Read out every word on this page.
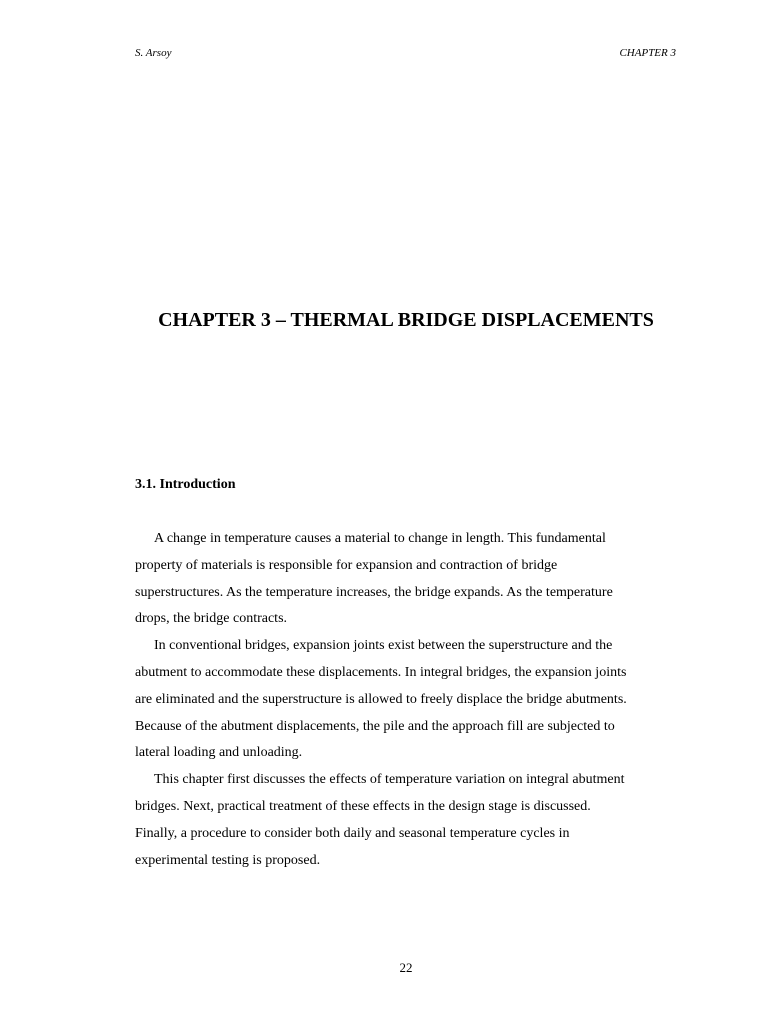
S. Arsoy	CHAPTER 3
CHAPTER 3 – THERMAL BRIDGE DISPLACEMENTS
3.1. Introduction
A change in temperature causes a material to change in length. This fundamental
property of materials is responsible for expansion and contraction of bridge
superstructures. As the temperature increases, the bridge expands. As the temperature
drops, the bridge contracts.
In conventional bridges, expansion joints exist between the superstructure and the
abutment to accommodate these displacements. In integral bridges, the expansion joints
are eliminated and the superstructure is allowed to freely displace the bridge abutments.
Because of the abutment displacements, the pile and the approach fill are subjected to
lateral loading and unloading.
This chapter first discusses the effects of temperature variation on integral abutment
bridges. Next, practical treatment of these effects in the design stage is discussed.
Finally, a procedure to consider both daily and seasonal temperature cycles in
experimental testing is proposed.
22
